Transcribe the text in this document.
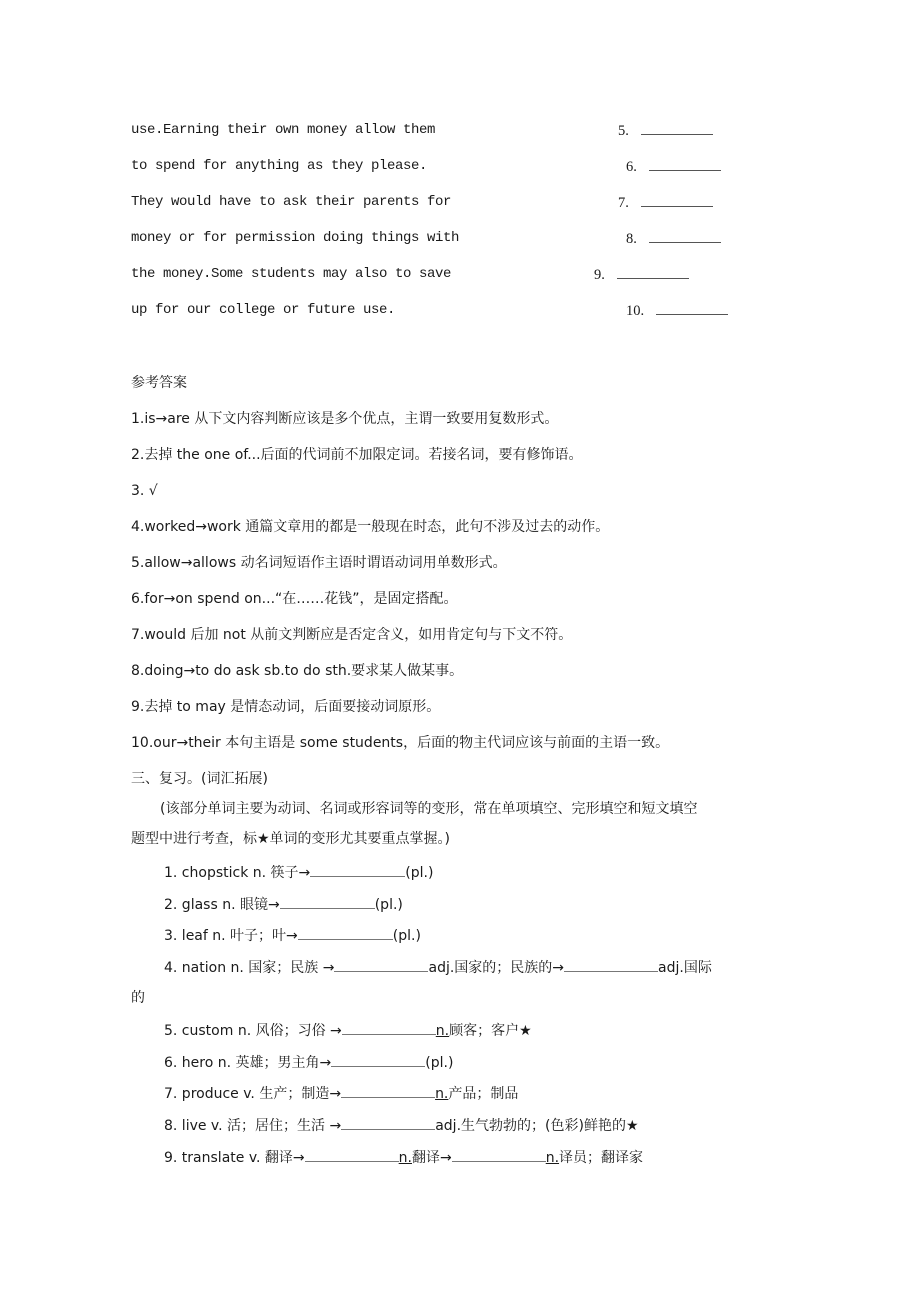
use.Earning their own money allow them
to spend for anything as they please.
They would have to ask their parents for
money or for permission doing things with
the money.Some students may also to save
up for our college or future use.
5.
6.
7.
8.
9.
10.
参考答案
1.is→are 从下文内容判断应该是多个优点，主谓一致要用复数形式。
2.去掉 the one of...后面的代词前不加限定词。若接名词，要有修饰语。
3. √
4.worked→work 通篇文章用的都是一般现在时态，此句不涉及过去的动作。
5.allow→allows 动名词短语作主语时谓语动词用单数形式。
6.for→on spend on...“在……花钱”，是固定搭配。
7.would 后加 not 从前文判断应是否定含义，如用肯定句与下文不符。
8.doing→to do ask sb.to do sth.要求某人做某事。
9.去掉 to may 是情态动词，后面要接动词原形。
10.our→their 本句主语是 some students，后面的物主代词应该与前面的主语一致。
三、复习。(词汇拓展)
(该部分单词主要为动词、名词或形容词等的变形，常在单项填空、完形填空和短文填空
题型中进行考查，标★单词的变形尤其要重点掌握。)
1. chopstick n. 筷子→	(pl.)
2. glass n. 眼镜→	(pl.)
3. leaf n. 叶子；叶→	(pl.)
4. nation n. 国家；民族 →	adj.国家的；民族的→	adj.国际
的
5. custom n. 风俗；习俗 →	n.顾客；客户★
6. hero n. 英雄；男主角→	(pl.)
7. produce v. 生产；制造→	n.产品；制品
8. live v. 活；居住；生活 →	adj.生气勃勃的；(色彩)鲜艳的★
9. translate v. 翻译→	n.翻译→	n.译员；翻译家
